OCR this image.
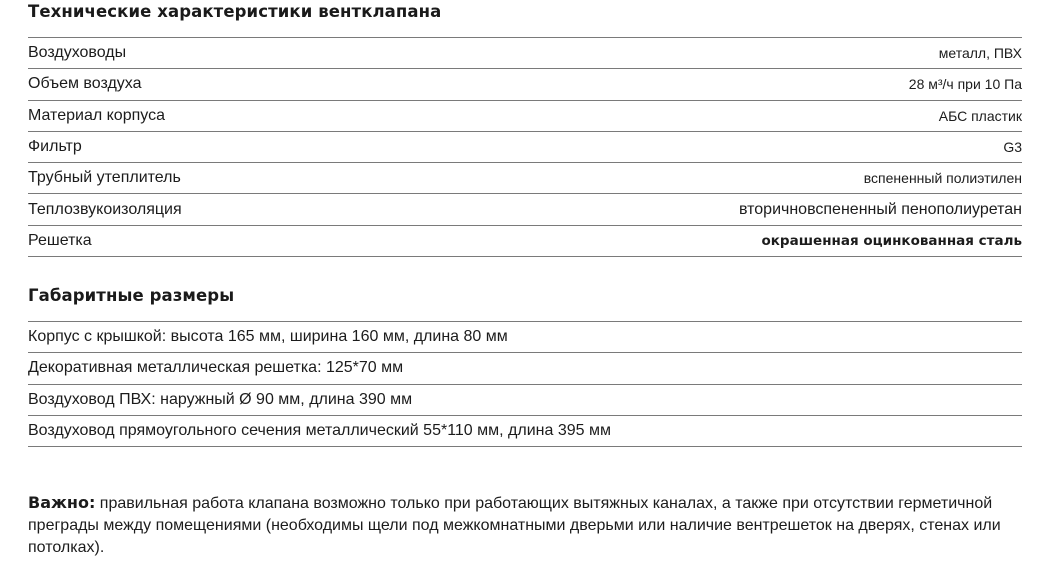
Технические характеристики вентклапана
Воздуховоды	металл, ПВХ
Объем воздуха	28 м³/ч при 10 Па
Материал корпуса	АБС пластик
Фильтр	G3
Трубный утеплитель	вспененный полиэтилен
Теплозвукоизоляция	вторичновспененный пенополиуретан
Решетка	окрашенная оцинкованная сталь
Габаритные размеры
Корпус с крышкой: высота 165 мм, ширина 160 мм, длина 80 мм
Декоративная металлическая решетка: 125*70 мм
Воздуховод ПВХ: наружный Ø 90 мм, длина 390 мм
Воздуховод прямоугольного сечения металлический 55*110 мм, длина 395 мм
Важно: правильная работа клапана возможно только при работающих вытяжных каналах, а также при отсутствии герметичной преграды между помещениями (необходимы щели под межкомнатными дверьми или наличие вентрешеток на дверях, стенах или потолках).
